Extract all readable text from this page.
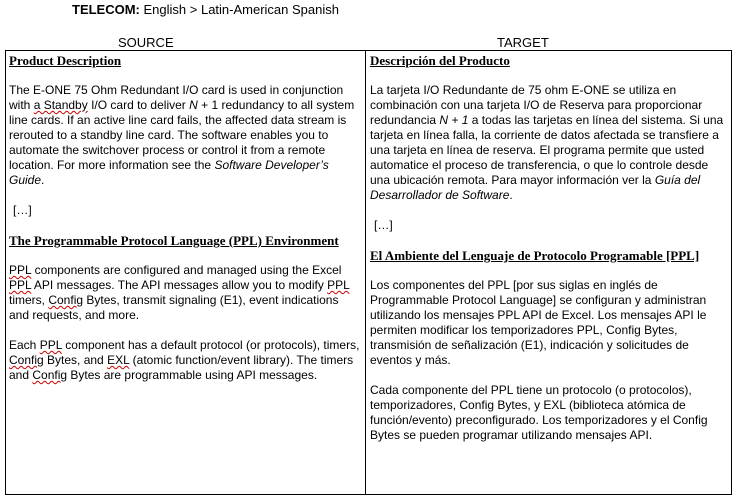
TELECOM: English > Latin-American Spanish
SOURCE	TARGET

Product Description

The E-ONE 75 Ohm Redundant I/O card is used in conjunction with a Standby I/O card to deliver N + 1 redundancy to all system line cards. If an active line card fails, the affected data stream is rerouted to a standby line card. The software enables you to automate the switchover process or control it from a remote location. For more information see the Software Developer’s Guide.

[…]

The Programmable Protocol Language (PPL) Environment

PPL components are configured and managed using the Excel PPL API messages. The API messages allow you to modify PPL timers, Config Bytes, transmit signaling (E1), event indications and requests, and more.

Each PPL component has a default protocol (or protocols), timers, Config Bytes, and EXL (atomic function/event library). The timers and Config Bytes are programmable using API messages.

Descripción del Producto

La tarjeta I/O Redundante de 75 ohm E-ONE se utiliza en combinación con una tarjeta I/O de Reserva para proporcionar redundancia N + 1 a todas las tarjetas en línea del sistema. Si una tarjeta en línea falla, la corriente de datos afectada se transfiere a una tarjeta en línea de reserva. El programa permite que usted automatice el proceso de transferencia, o que lo controle desde una ubicación remota. Para mayor información ver la Guía del Desarrollador de Software.

[…]

El Ambiente del Lenguaje de Protocolo Programable [PPL]

Los componentes del PPL [por sus siglas en inglés de Programmable Protocol Language] se configuran y administran utilizando los mensajes PPL API de Excel. Los mensajes API le permiten modificar los temporizadores PPL, Config Bytes, transmisión de señalización (E1), indicación y solicitudes de eventos y más.

Cada componente del PPL tiene un protocolo (o protocolos), temporizadores, Config Bytes, y EXL (biblioteca atómica de función/evento) preconfigurado. Los temporizadores y el Config Bytes se pueden programar utilizando mensajes API.
